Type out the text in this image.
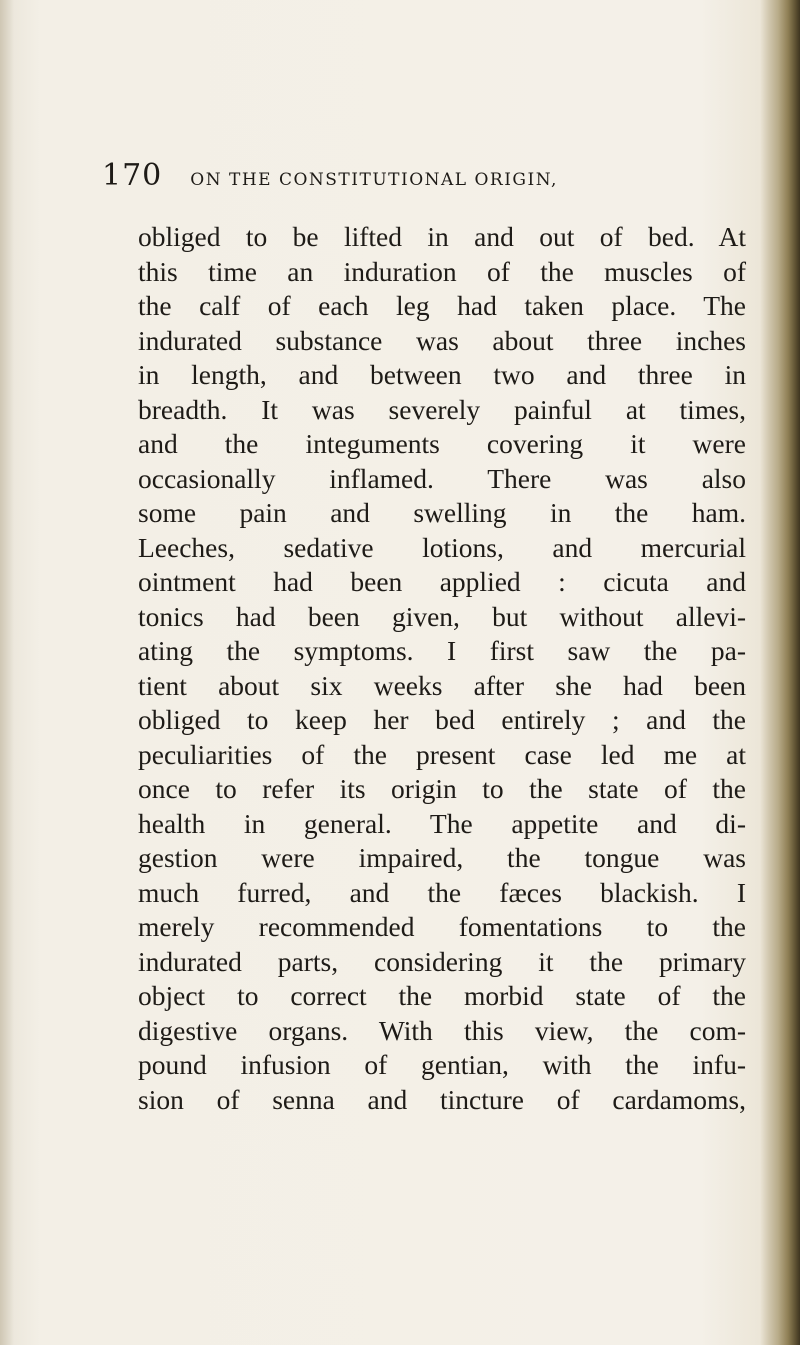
170 ON THE CONSTITUTIONAL ORIGIN,
obliged to be lifted in and out of bed. At
this time an induration of the muscles of
the calf of each leg had taken place. The
indurated substance was about three inches
in length, and between two and three in
breadth. It was severely painful at times,
and the integuments covering it were
occasionally inflamed. There was also
some pain and swelling in the ham.
Leeches, sedative lotions, and mercurial
ointment had been applied : cicuta and
tonics had been given, but without allevi-
ating the symptoms. I first saw the pa-
tient about six weeks after she had been
obliged to keep her bed entirely ; and the
peculiarities of the present case led me at
once to refer its origin to the state of the
health in general. The appetite and di-
gestion were impaired, the tongue was
much furred, and the fæces blackish. I
merely recommended fomentations to the
indurated parts, considering it the primary
object to correct the morbid state of the
digestive organs. With this view, the com-
pound infusion of gentian, with the infu-
sion of senna and tincture of cardamoms,
